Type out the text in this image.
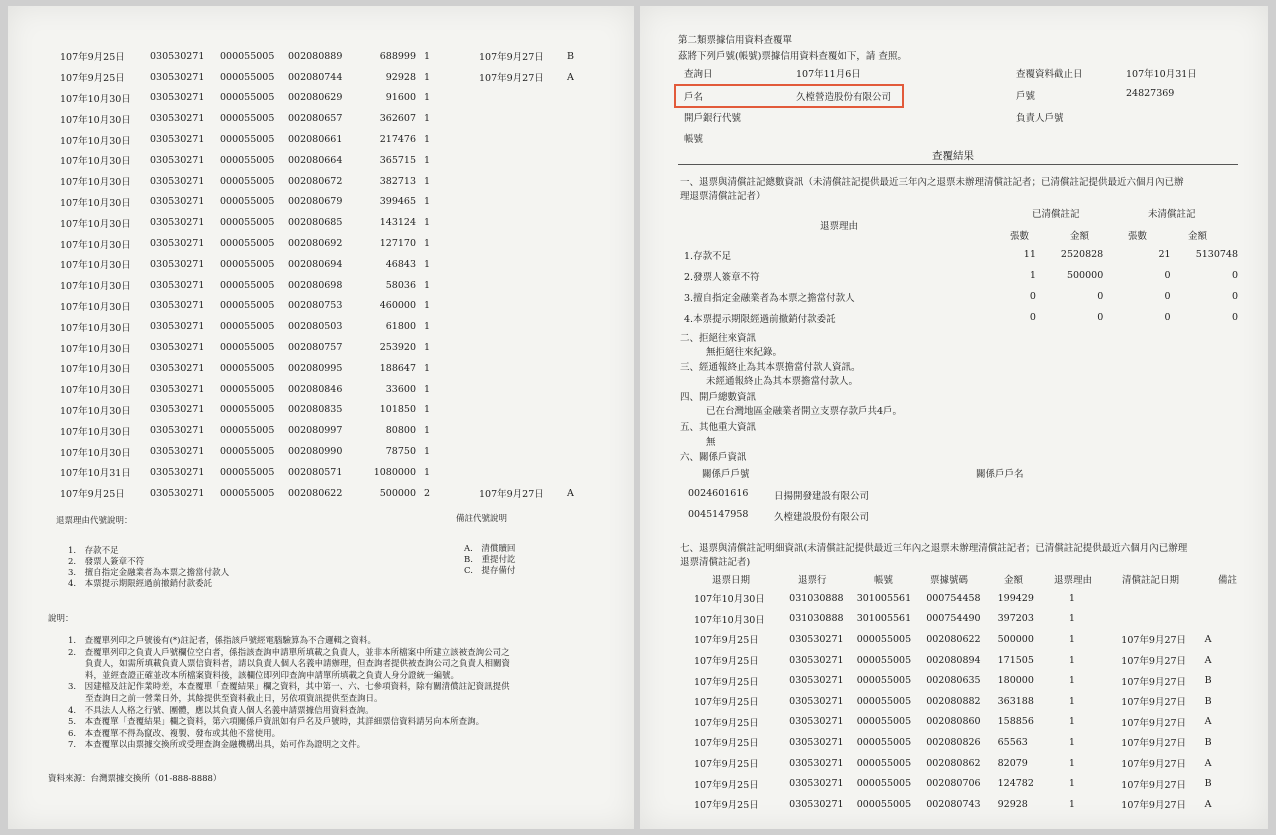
107年9月25日	030530271	000055005	002080889	688999	1	107年9月27日	B
107年9月25日	030530271	000055005	002080744	92928	1	107年9月27日	A
107年10月30日	030530271	000055005	002080629	91600	1		
107年10月30日	030530271	000055005	002080657	362607	1		
107年10月30日	030530271	000055005	002080661	217476	1		
107年10月30日	030530271	000055005	002080664	365715	1		
107年10月30日	030530271	000055005	002080672	382713	1		
107年10月30日	030530271	000055005	002080679	399465	1		
107年10月30日	030530271	000055005	002080685	143124	1		
107年10月30日	030530271	000055005	002080692	127170	1		
107年10月30日	030530271	000055005	002080694	46843	1		
107年10月30日	030530271	000055005	002080698	58036	1		
107年10月30日	030530271	000055005	002080753	460000	1		
107年10月30日	030530271	000055005	002080503	61800	1		
107年10月30日	030530271	000055005	002080757	253920	1		
107年10月30日	030530271	000055005	002080995	188647	1		
107年10月30日	030530271	000055005	002080846	33600	1		
107年10月30日	030530271	000055005	002080835	101850	1		
107年10月30日	030530271	000055005	002080997	80800	1		
107年10月30日	030530271	000055005	002080990	78750	1		
107年10月31日	030530271	000055005	002080571	1080000	1		
107年9月25日	030530271	000055005	002080622	500000	2	107年9月27日	A
退票理由代號說明：
1.　存款不足
2.　發票人簽章不符
3.　擅自指定金融業者為本票之擔當付款人
4.　本票提示期限經過前撤銷付款委託
備註代號說明
A.　清償贖回
B.　重提付訖
C.　提存備付
說明：
1.　查覆單列印之戶號後有(*)註記者，係指該戶號經電腦驗算為不合邏輯之資料。
2.　查覆單列印之負責人戶號欄位空白者，係指該查詢申請單所填載之負責人，並非本所檔案中所建立該被查詢公司之
　　負責人，如需所填載負責人票信資料者，請以負責人個人名義申請辦理，但查詢者提供被查詢公司之負責人相關資
　　料，並經查證正確並改本所檔案資料後，該欄位即列印查詢申請單所填載之負責人身分證統一編號。
3.　因建檔及註記作業時差，本查覆單「查覆結果」欄之資料，其中第一、六、七參項資料，除有關清償註記資訊提供
　　至查詢日之前一營業日外，其餘提供至資料截止日，另依項資訊提供至查詢日。
4.　不具法人人格之行號、團體，應以其負責人個人名義申請票據信用資料查詢。
5.　本查覆單「查覆結果」欄之資料，第六項關係戶資訊如有戶名及戶號時，其詳細票信資料請另向本所查詢。
6.　本查覆單不得為竄改、複製、發布或其他不當使用。
7.　本查覆單以由票據交換所或受理查詢金融機構出具，始可作為證明之文件。
資料來源：台灣票據交換所（01-888-8888）
第二類票據信用資料查覆單
茲將下列戶號(帳號)票據信用資料查覆如下，請 查照。
查詢日	107年11月6日	查覆資料截止日	107年10月31日
戶名	久樘營造股份有限公司	戶號	24827369
開戶銀行代號	負責人戶號
帳號
查覆結果
一、退票與清償註記總數資訊（未清償註記提供最近三年內之退票未辦理清償註記者；已清償註記提供最近六個月內已辦
理退票清償註記者）
退票理由
已清償註記	未清償註記
張數	金額	張數	金額
1.存款不足	11	2520828	21	5130748
2.發票人簽章不符	1	500000	0	0
3.擅自指定金融業者為本票之擔當付款人	0	0	0	0
4.本票提示期限經過前撤銷付款委託	0	0	0	0
二、拒絕往來資訊
無拒絕往來紀錄。
三、經通報終止為其本票擔當付款人資訊。
未經通報終止為其本票擔當付款人。
四、開戶總數資訊
已在台灣地區金融業者開立支票存款戶共4戶。
五、其他重大資訊
無
六、關係戶資訊
關係戶戶號	關係戶戶名
0024601616	日揚開發建設有限公司
0045147958	久樘建設股份有限公司
七、退票與清償註記明細資訊(未清償註記提供最近三年內之退票未辦理清償註記者；已清償註記提供最近六個月內已辦理
退票清償註記者)
退票日期	退票行	帳號	票據號碼	金額	退票理由	清償註記日期	備註
107年10月30日	031030888	301005561	000754458	199429	1		
107年10月30日	031030888	301005561	000754490	397203	1		
107年9月25日	030530271	000055005	002080622	500000	1	107年9月27日	A
107年9月25日	030530271	000055005	002080894	171505	1	107年9月27日	A
107年9月25日	030530271	000055005	002080635	180000	1	107年9月27日	B
107年9月25日	030530271	000055005	002080882	363188	1	107年9月27日	B
107年9月25日	030530271	000055005	002080860	158856	1	107年9月27日	A
107年9月25日	030530271	000055005	002080826	65563	1	107年9月27日	B
107年9月25日	030530271	000055005	002080862	82079	1	107年9月27日	A
107年9月25日	030530271	000055005	002080706	124782	1	107年9月27日	B
107年9月25日	030530271	000055005	002080743	92928	1	107年9月27日	A
